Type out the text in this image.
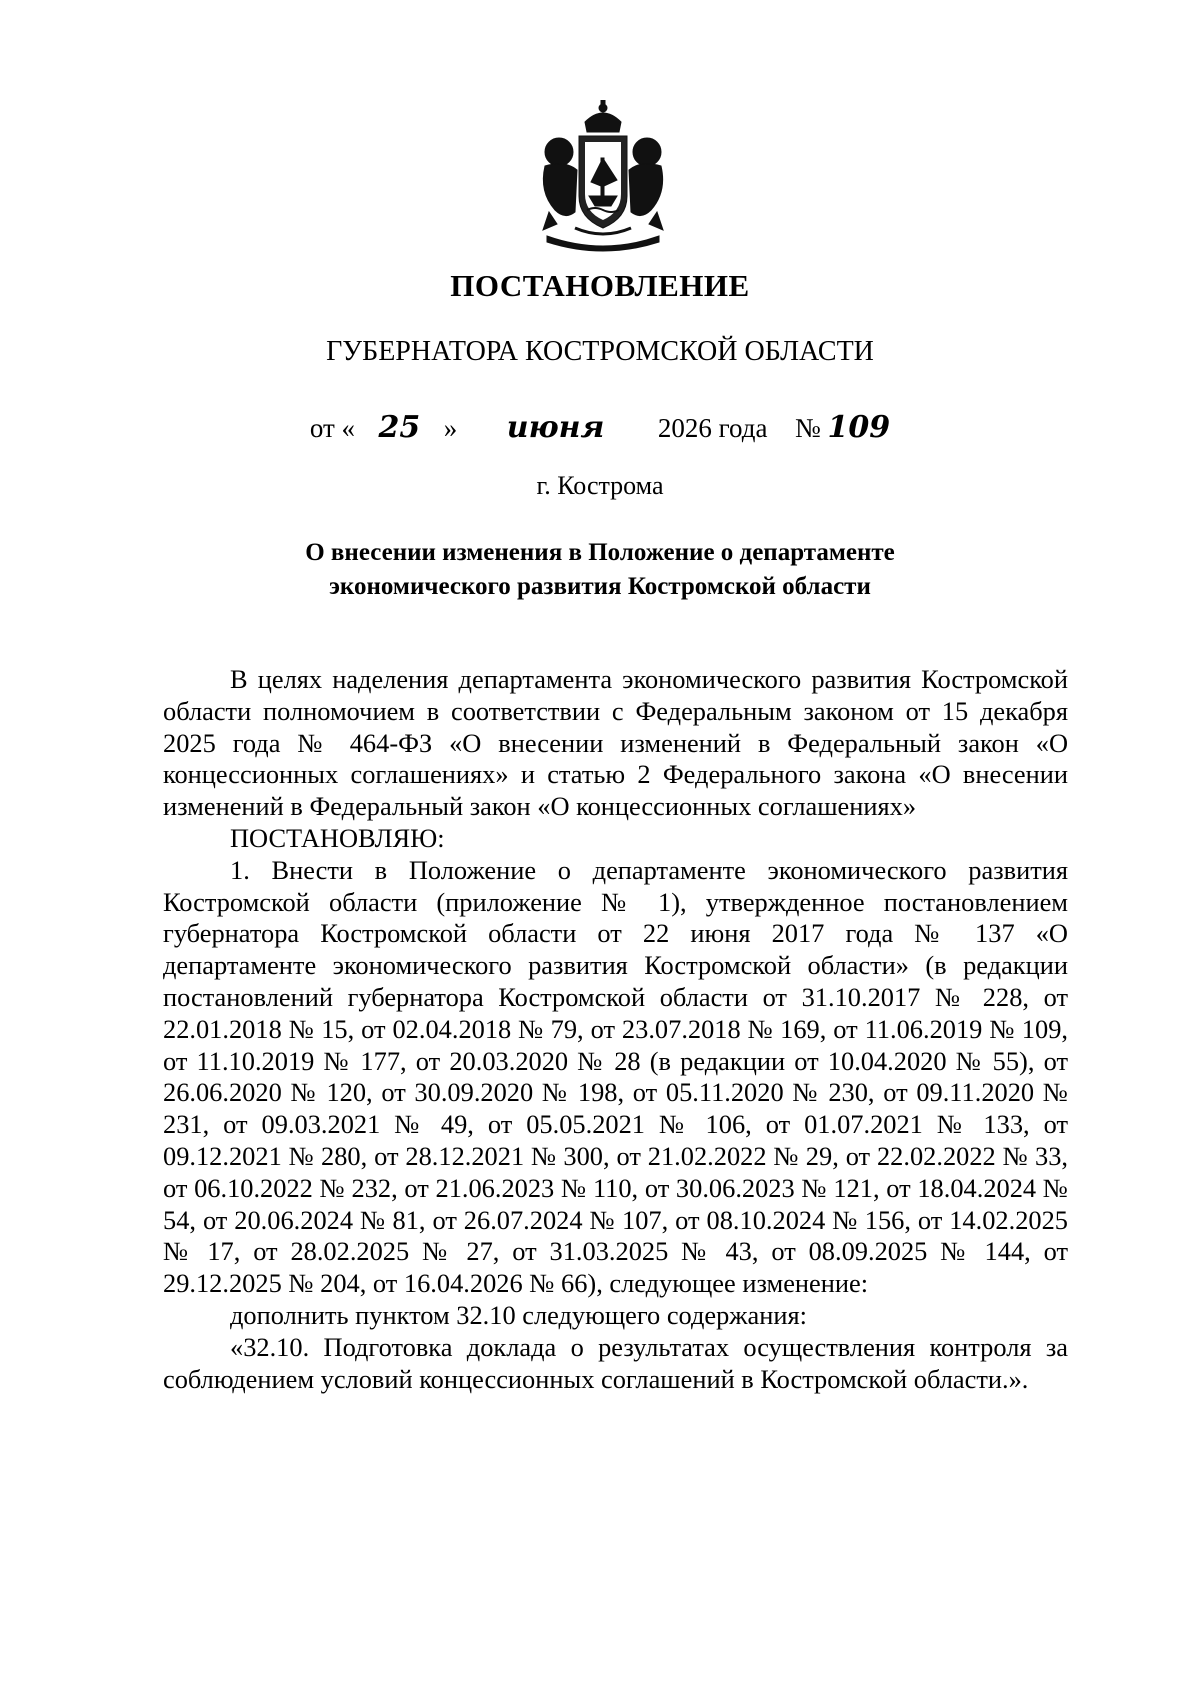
ПОСТАНОВЛЕНИЕ
ГУБЕРНАТОРА КОСТРОМСКОЙ ОБЛАСТИ
от « 25 » июня 2026 года № 109
г. Кострома
О внесении изменения в Положение о департаменте
экономического развития Костромской области

В целях наделения департамента экономического развития Костромской области полномочием в соответствии с Федеральным законом от 15 декабря 2025 года № 464-ФЗ «О внесении изменений в Федеральный закон «О концессионных соглашениях» и статью 2 Федерального закона «О внесении изменений в Федеральный закон «О концессионных соглашениях»

ПОСТАНОВЛЯЮ:

1. Внести в Положение о департаменте экономического развития Костромской области (приложение № 1), утвержденное постановлением губернатора Костромской области от 22 июня 2017 года № 137 «О департаменте экономического развития Костромской области» (в редакции постановлений губернатора Костромской области от 31.10.2017 № 228, от 22.01.2018 № 15, от 02.04.2018 № 79, от 23.07.2018 № 169, от 11.06.2019 № 109, от 11.10.2019 № 177, от 20.03.2020 № 28 (в редакции от 10.04.2020 № 55), от 26.06.2020 № 120, от 30.09.2020 № 198, от 05.11.2020 № 230, от 09.11.2020 № 231, от 09.03.2021 № 49, от 05.05.2021 № 106, от 01.07.2021 № 133, от 09.12.2021 № 280, от 28.12.2021 № 300, от 21.02.2022 № 29, от 22.02.2022 № 33, от 06.10.2022 № 232, от 21.06.2023 № 110, от 30.06.2023 № 121, от 18.04.2024 № 54, от 20.06.2024 № 81, от 26.07.2024 № 107, от 08.10.2024 № 156, от 14.02.2025 № 17, от 28.02.2025 № 27, от 31.03.2025 № 43, от 08.09.2025 № 144, от 29.12.2025 № 204, от 16.04.2026 № 66), следующее изменение:

дополнить пунктом 32.10 следующего содержания:

«32.10. Подготовка доклада о результатах осуществления контроля за соблюдением условий концессионных соглашений в Костромской области.».
